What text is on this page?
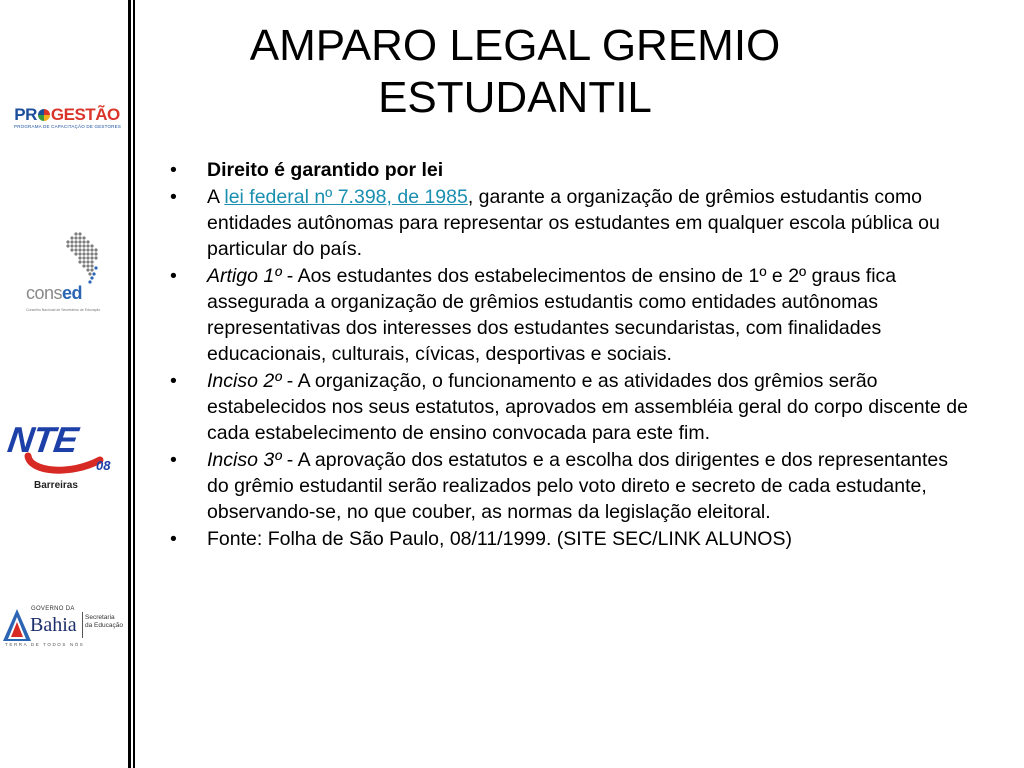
PR GESTÃO
PROGRAMA DE CAPACITAÇÃO DE GESTORES
consed
Conselho Nacional de Secretários de Educação
NTE
08
Barreiras
GOVERNO DA
Bahia Secretaria
da Educação
TERRA DE TODOS NÓS
AMPARO LEGAL GREMIO ESTUDANTIL
• Direito é garantido por lei
• A lei federal nº 7.398, de 1985, garante a organização de grêmios estudantis como entidades autônomas para representar os estudantes em qualquer escola pública ou particular do país.
• Artigo 1º - Aos estudantes dos estabelecimentos de ensino de 1º e 2º graus fica assegurada a organização de grêmios estudantis como entidades autônomas representativas dos interesses dos estudantes secundaristas, com finalidades educacionais, culturais, cívicas, desportivas e sociais.
• Inciso 2º - A organização, o funcionamento e as atividades dos grêmios serão estabelecidos nos seus estatutos, aprovados em assembléia geral do corpo discente de cada estabelecimento de ensino convocada para este fim.
• Inciso 3º - A aprovação dos estatutos e a escolha dos dirigentes e dos representantes do grêmio estudantil serão realizados pelo voto direto e secreto de cada estudante, observando-se, no que couber, as normas da legislação eleitoral.
• Fonte: Folha de São Paulo, 08/11/1999. (SITE SEC/LINK ALUNOS)
